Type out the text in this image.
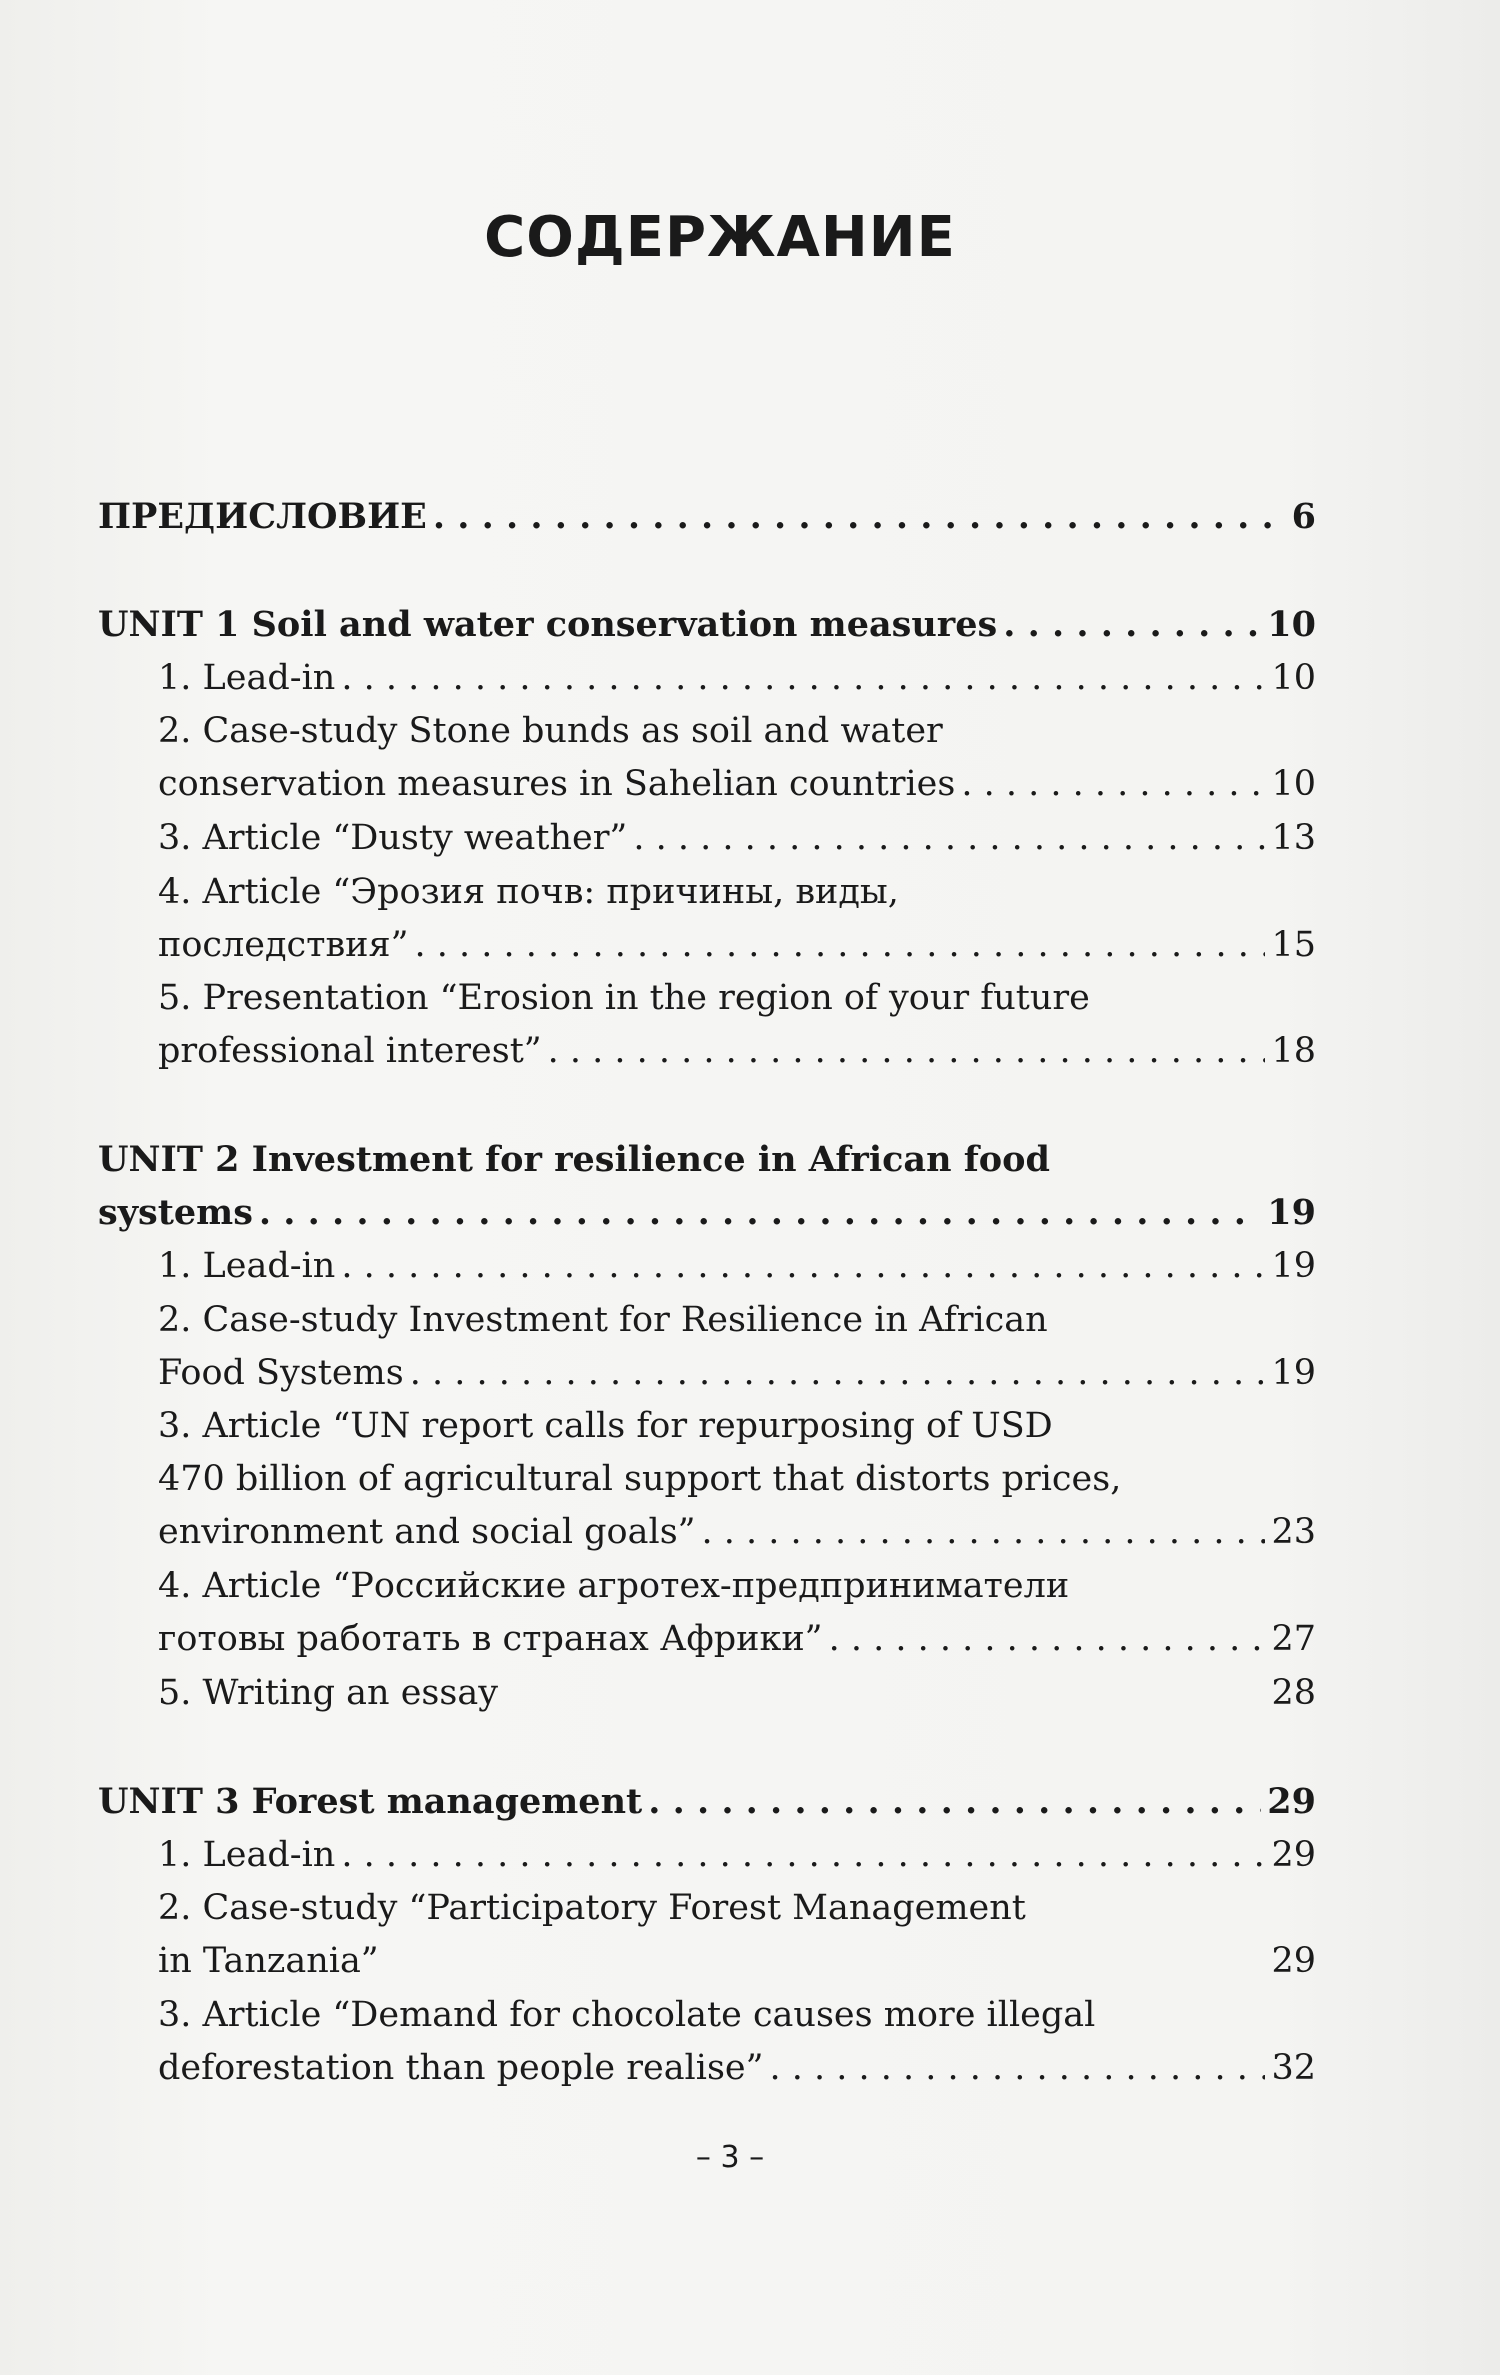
СОДЕРЖАНИЕ
ПРЕДИСЛОВИЕ . . .	6
UNIT 1 Soil and water conservation measures . . .	10
1. Lead-in . . .	10
2. Case-study Stone bunds as soil and water
conservation measures in Sahelian countries . . .	10
3. Article “Dusty weather” . . .	13
4. Article “Эрозия почв: причины, виды,
последствия” . . .	15
5. Presentation “Erosion in the region of your future
professional interest” . . .	18
UNIT 2 Investment for resilience in African food
systems . . .	19
1. Lead-in . . .	19
2. Case-study Investment for Resilience in African
Food Systems . . .	19
3. Article “UN report calls for repurposing of USD
470 billion of agricultural support that distorts prices,
environment and social goals” . . .	23
4. Article “Российские агротех-предприниматели
готовы работать в странах Африки” . . .	27
5. Writing an essay	28
UNIT 3 Forest management . . .	29
1. Lead-in . . .	29
2. Case-study “Participatory Forest Management
in Tanzania”	29
3. Article “Demand for chocolate causes more illegal
deforestation than people realise” . . .	32
– 3 –
